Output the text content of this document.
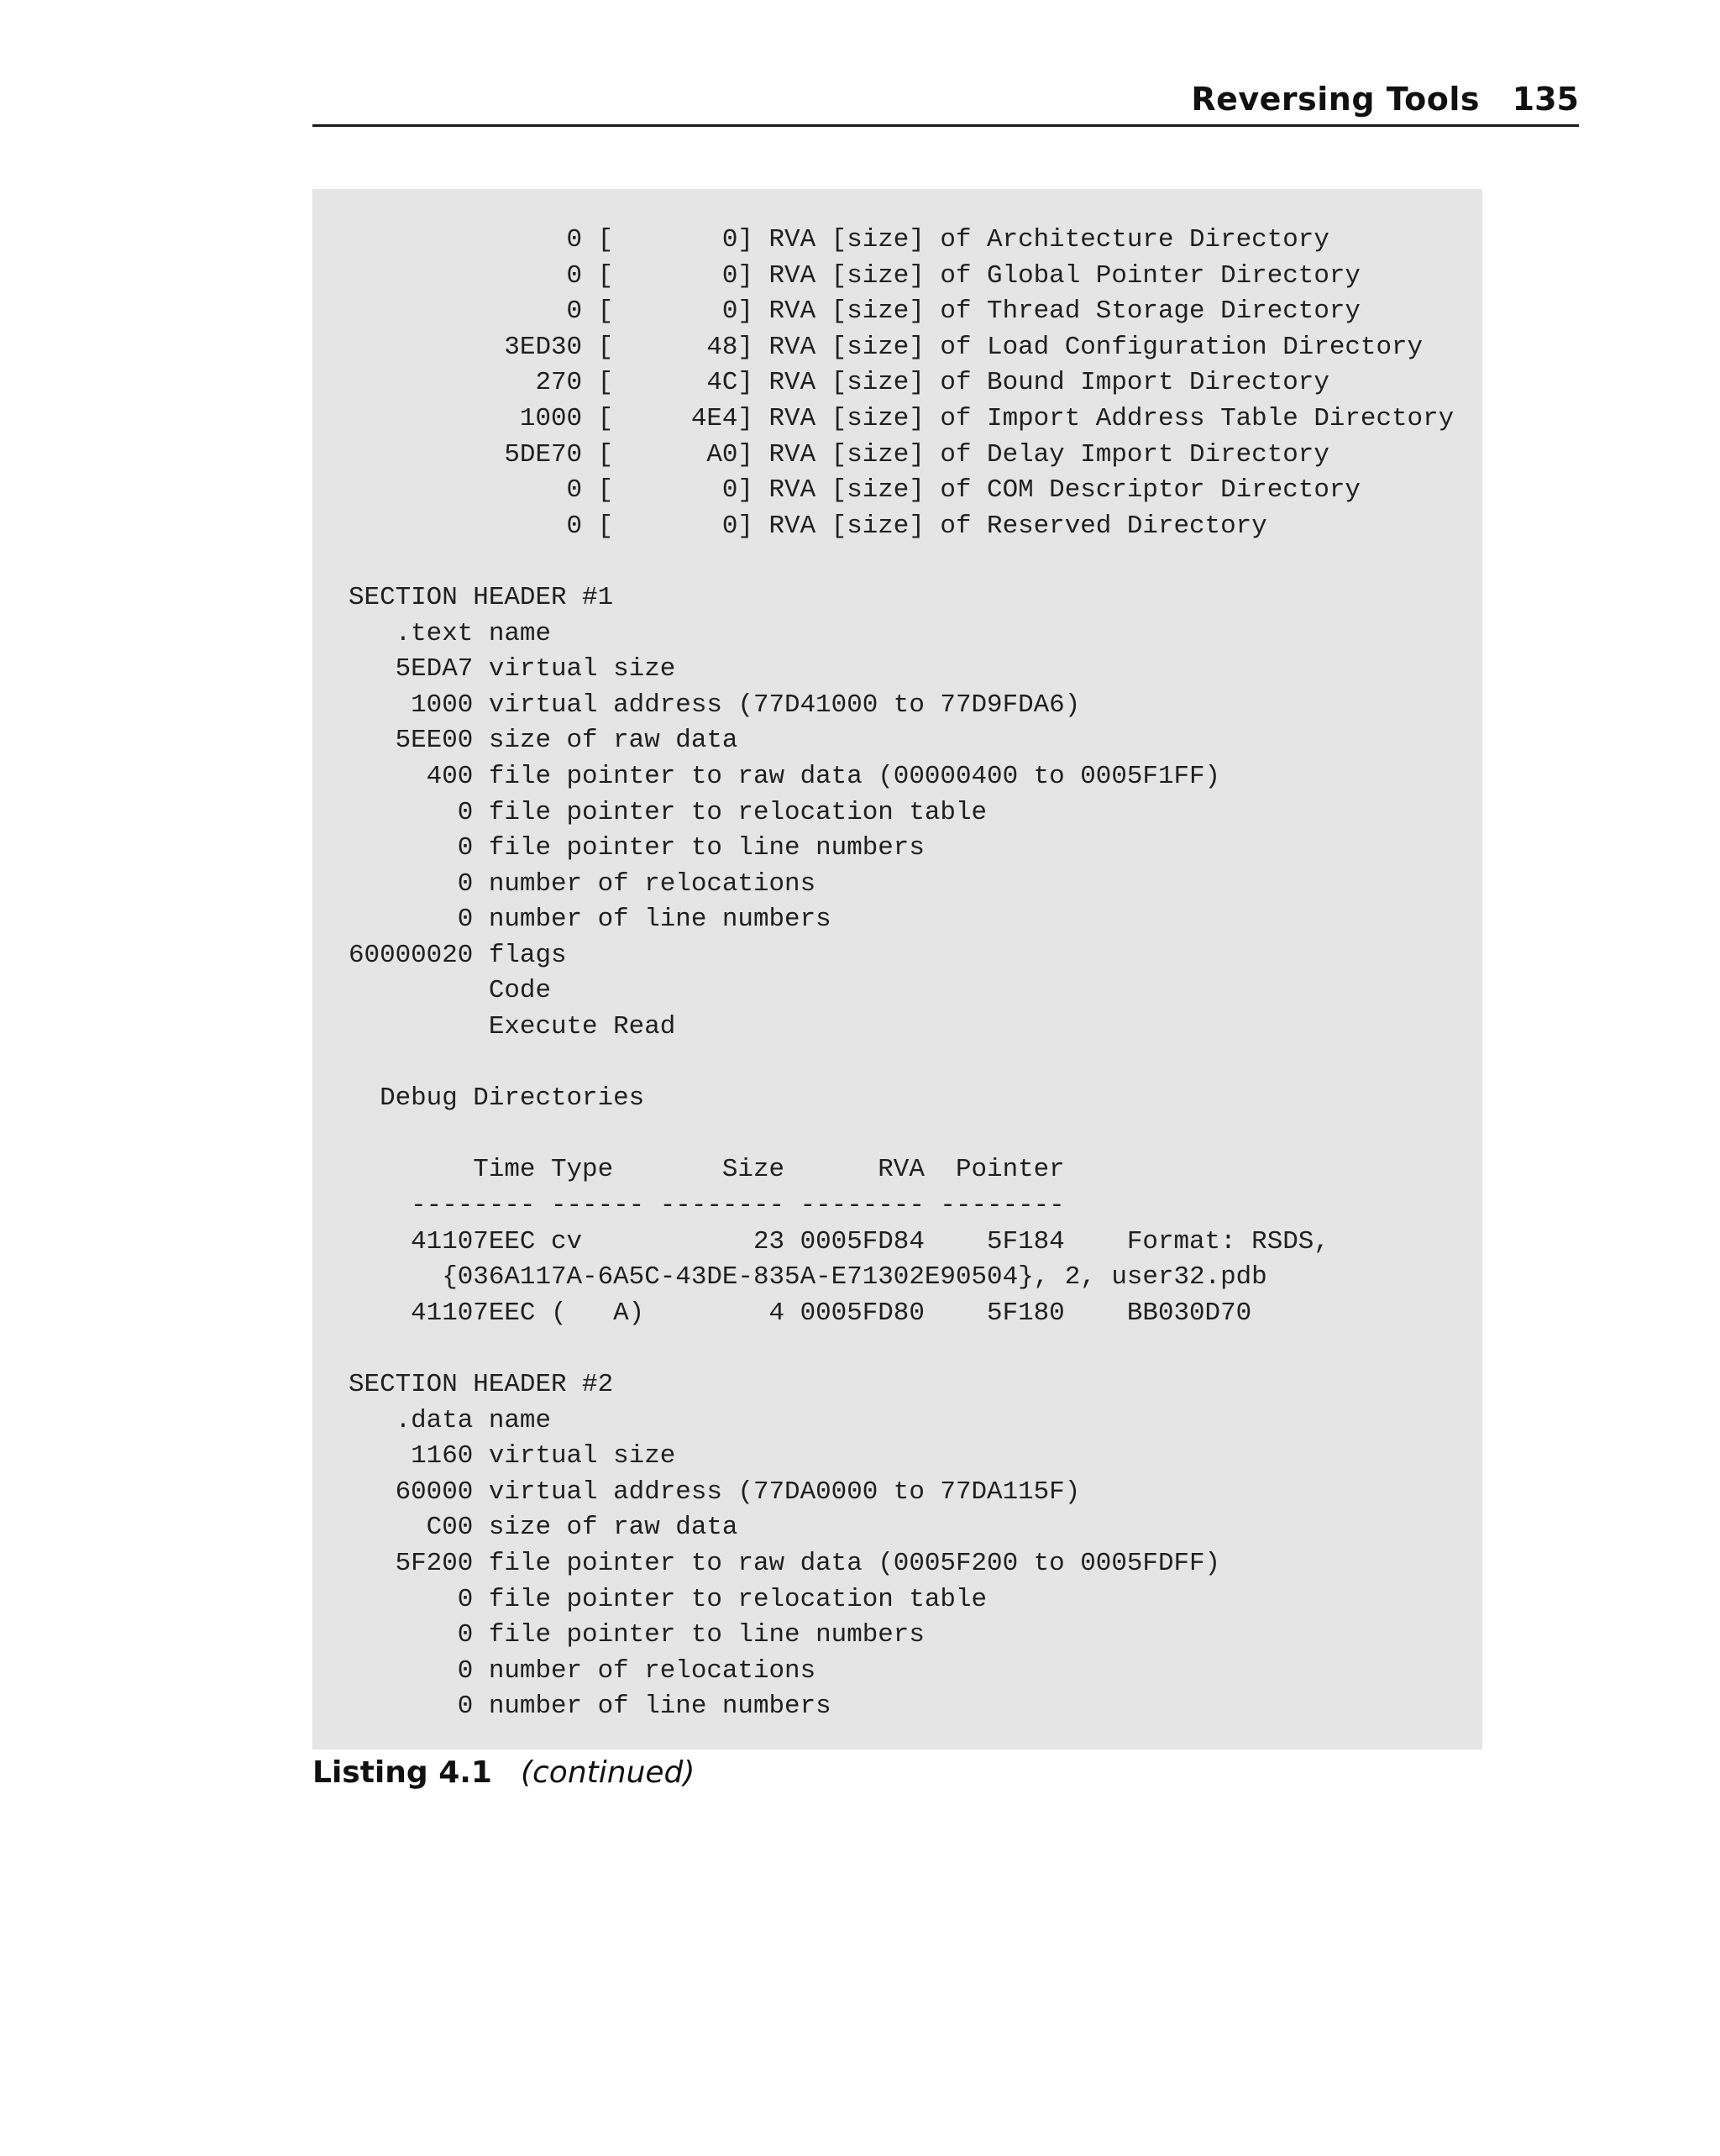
Reversing Tools 135
0 [       0] RVA [size] of Architecture Directory
0 [       0] RVA [size] of Global Pointer Directory
0 [       0] RVA [size] of Thread Storage Directory
3ED30 [      48] RVA [size] of Load Configuration Directory
270 [      4C] RVA [size] of Bound Import Directory
1000 [     4E4] RVA [size] of Import Address Table Directory
5DE70 [      A0] RVA [size] of Delay Import Directory
0 [       0] RVA [size] of COM Descriptor Directory
0 [       0] RVA [size] of Reserved Directory

SECTION HEADER #1
.text name
5EDA7 virtual size
1000 virtual address (77D41000 to 77D9FDA6)
5EE00 size of raw data
400 file pointer to raw data (00000400 to 0005F1FF)
0 file pointer to relocation table
0 file pointer to line numbers
0 number of relocations
0 number of line numbers
60000020 flags
Code
Execute Read

Debug Directories

Time Type       Size      RVA  Pointer
-------- ------ -------- -------- --------
41107EEC cv           23 0005FD84    5F184    Format: RSDS,
{036A117A-6A5C-43DE-835A-E71302E90504}, 2, user32.pdb
41107EEC (   A)        4 0005FD80    5F180    BB030D70

SECTION HEADER #2
.data name
1160 virtual size
60000 virtual address (77DA0000 to 77DA115F)
C00 size of raw data
5F200 file pointer to raw data (0005F200 to 0005FDFF)
0 file pointer to relocation table
0 file pointer to line numbers
0 number of relocations
0 number of line numbers
Listing 4.1 (continued)
